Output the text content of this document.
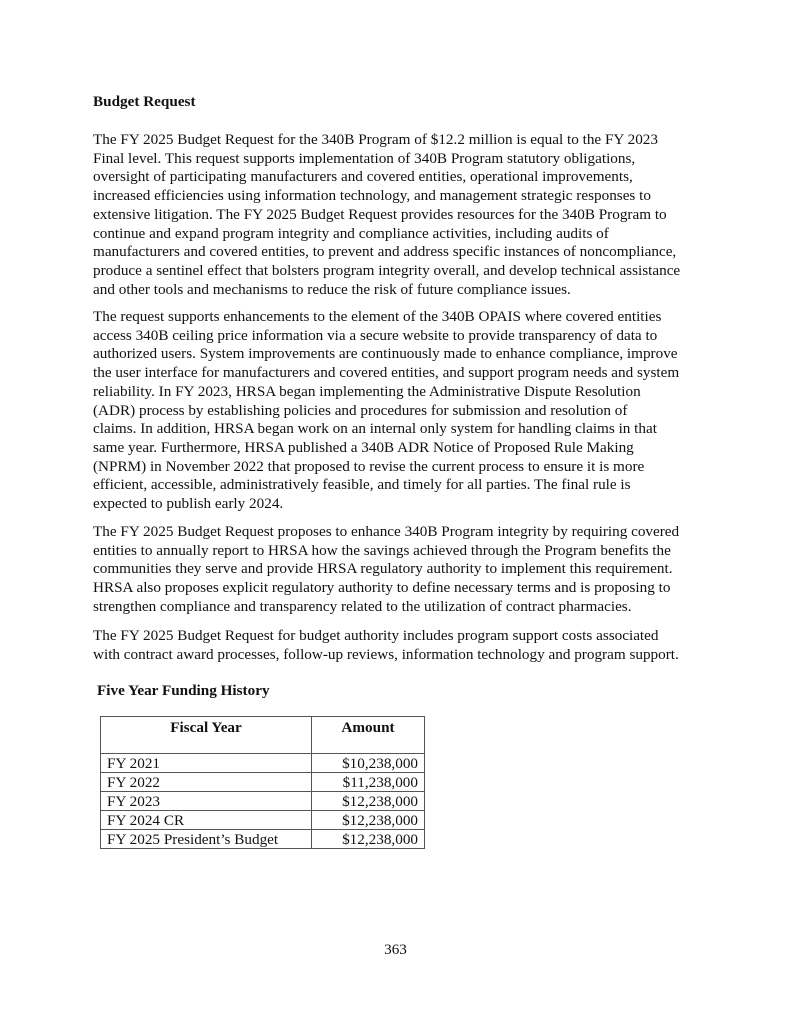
Budget Request

The FY 2025 Budget Request for the 340B Program of $12.2 million is equal to the FY 2023
Final level. This request supports implementation of 340B Program statutory obligations,
oversight of participating manufacturers and covered entities, operational improvements,
increased efficiencies using information technology, and management strategic responses to
extensive litigation. The FY 2025 Budget Request provides resources for the 340B Program to
continue and expand program integrity and compliance activities, including audits of
manufacturers and covered entities, to prevent and address specific instances of noncompliance,
produce a sentinel effect that bolsters program integrity overall, and develop technical assistance
and other tools and mechanisms to reduce the risk of future compliance issues.

The request supports enhancements to the element of the 340B OPAIS where covered entities
access 340B ceiling price information via a secure website to provide transparency of data to
authorized users. System improvements are continuously made to enhance compliance, improve
the user interface for manufacturers and covered entities, and support program needs and system
reliability. In FY 2023, HRSA began implementing the Administrative Dispute Resolution
(ADR) process by establishing policies and procedures for submission and resolution of
claims. In addition, HRSA began work on an internal only system for handling claims in that
same year. Furthermore, HRSA published a 340B ADR Notice of Proposed Rule Making
(NPRM) in November 2022 that proposed to revise the current process to ensure it is more
efficient, accessible, administratively feasible, and timely for all parties. The final rule is
expected to publish early 2024.

The FY 2025 Budget Request proposes to enhance 340B Program integrity by requiring covered
entities to annually report to HRSA how the savings achieved through the Program benefits the
communities they serve and provide HRSA regulatory authority to implement this requirement.
HRSA also proposes explicit regulatory authority to define necessary terms and is proposing to
strengthen compliance and transparency related to the utilization of contract pharmacies.

The FY 2025 Budget Request for budget authority includes program support costs associated
with contract award processes, follow-up reviews, information technology and program support.

Five Year Funding History
Fiscal Year	Amount
FY 2021	$10,238,000
FY 2022	$11,238,000
FY 2023	$12,238,000
FY 2024 CR	$12,238,000
FY 2025 President’s Budget	$12,238,000
363
